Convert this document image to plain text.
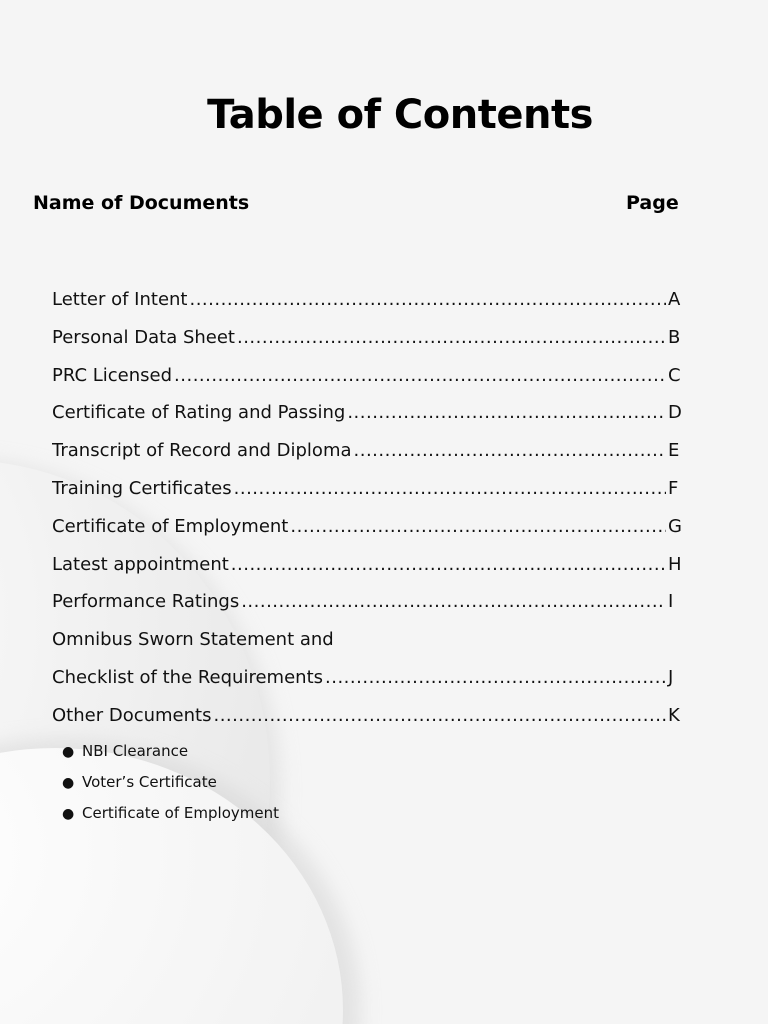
Table of Contents
Name of Documents	Page
Letter of Intent .....	A
Personal Data Sheet .....	B
PRC Licensed .....	C
Certificate of Rating and Passing .....	D
Transcript of Record and Diploma .....	E
Training Certificates .....	F
Certificate of Employment .....	G
Latest appointment .....	H
Performance Ratings .....	I
Omnibus Sworn Statement and
Checklist of the Requirements .....	J
Other Documents .....	K
● NBI Clearance
● Voter’s Certificate
● Certificate of Employment
